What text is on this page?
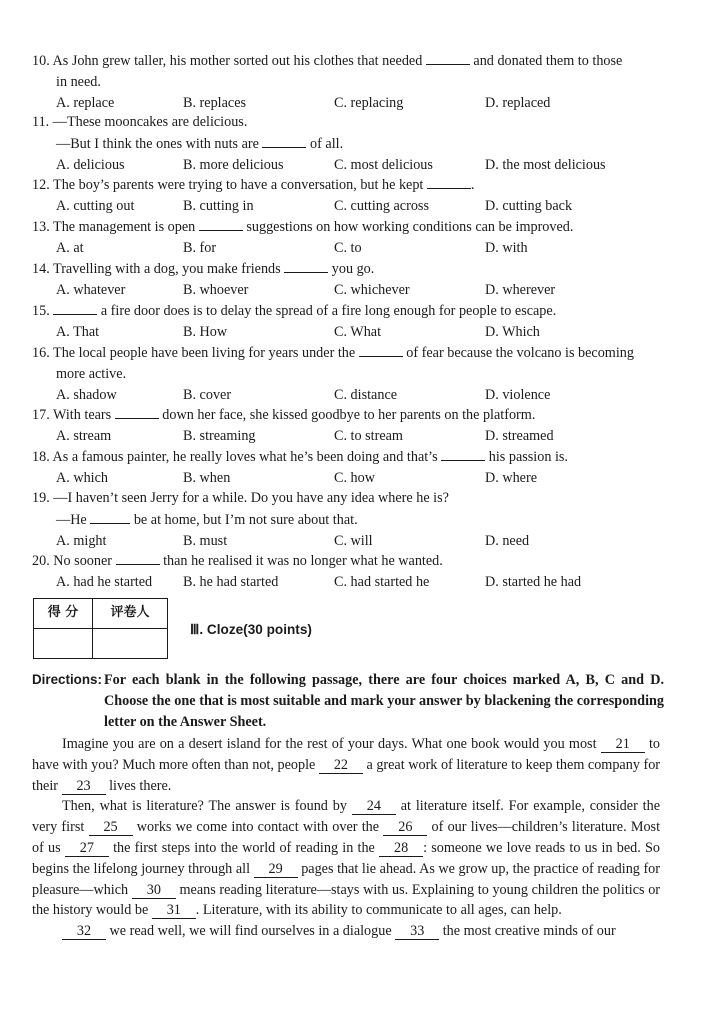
10. As John grew taller, his mother sorted out his clothes that needed	and donated them to those
in need.
A. replace	B. replaces	C. replacing	D. replaced
11. —These mooncakes are delicious.
—But I think the ones with nuts are	of all.
A. delicious	B. more delicious	C. most delicious	D. the most delicious
12. The boy’s parents were trying to have a conversation, but he kept	.
A. cutting out	B. cutting in	C. cutting across	D. cutting back
13. The management is open	suggestions on how working conditions can be improved.
A. at	B. for	C. to	D. with
14. Travelling with a dog, you make friends	you go.
A. whatever	B. whoever	C. whichever	D. wherever
15.	a fire door does is to delay the spread of a fire long enough for people to escape.
A. That	B. How	C. What	D. Which
16. The local people have been living for years under the	of fear because the volcano is becoming
more active.
A. shadow	B. cover	C. distance	D. violence
17. With tears	down her face, she kissed goodbye to her parents on the platform.
A. stream	B. streaming	C. to stream	D. streamed
18. As a famous painter, he really loves what he’s been doing and that’s	his passion is.
A. which	B. when	C. how	D. where
19. —I haven’t seen Jerry for a while. Do you have any idea where he is?
—He	be at home, but I’m not sure about that.
A. might	B. must	C. will	D. need
20. No sooner	than he realised it was no longer what he wanted.
A. had he started B. he had started	C. had started he	D. started he had
得 分	评卷人

Ⅲ. Cloze(30 points)
Directions: For each blank in the following passage, there are four choices marked A, B, C and D. Choose the one that is most suitable and mark your answer by blackening the corresponding letter on the Answer Sheet.

Imagine you are on a desert island for the rest of your days. What one book would you most 21 to have with you? Much more often than not, people 22 a great work of literature to keep them company for their 23 lives there.

Then, what is literature? The answer is found by 24 at literature itself. For example, consider the very first 25 works we come into contact with over the 26 of our lives—children’s literature. Most of us 27 the first steps into the world of reading in the 28 : someone we love reads to us in bed. So begins the lifelong journey through all 29 pages that lie ahead. As we grow up, the practice of reading for pleasure—which 30 means reading literature—stays with us. Explaining to young children the politics or the history would be 31 . Literature, with its ability to communicate to all ages, can help.

32 we read well, we will find ourselves in a dialogue 33 the most creative minds of our
